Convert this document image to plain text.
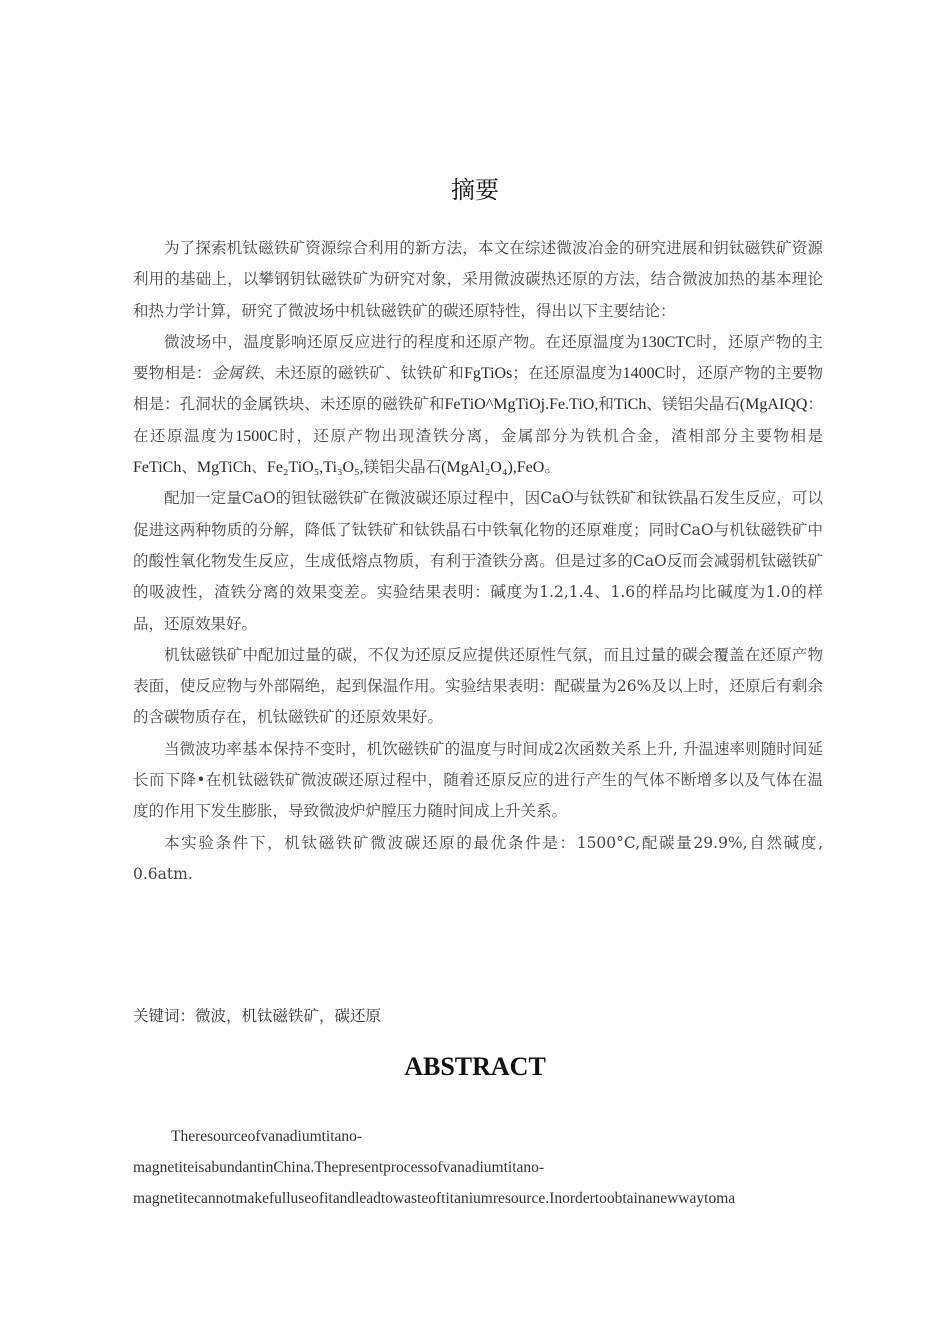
摘要

为了探索机钛磁铁矿资源综合利用的新方法，本文在综述微波冶金的研究进展和钥钛磁铁矿资源利用的基础上，以攀钢钥钛磁铁矿为研究对象，采用微波碳热还原的方法，结合微波加热的基本理论和热力学计算，研究了微波场中机钛磁铁矿的碳还原特性，得出以下主要结论：

微波场中，温度影响还原反应进行的程度和还原产物。在还原温度为130CTC时，还原产物的主要物相是：金属铁、未还原的磁铁矿、钛铁矿和FgTiOs；在还原温度为1400C时，还原产物的主要物相是：孔洞状的金属铁块、未还原的磁铁矿和FeTiO^MgTiOj.Fe.TiO,和TiCh、镁铝尖晶石(MgAIQQ：在还原温度为1500C时，还原产物出现渣铁分离，金属部分为铁机合金，渣相部分主要物相是FeTiCh、MgTiCh、Fe₂TiO₅,Ti₃O₅,镁铝尖晶石(MgAl₂O₄),FeO。

配加一定量CaO的钽钛磁铁矿在微波碳还原过程中，因CaO与钛铁矿和钛铁晶石发生反应，可以促进这两种物质的分解，降低了钛铁矿和钛铁晶石中铁氧化物的还原难度；同时CaO与机钛磁铁矿中的酸性氧化物发生反应，生成低熔点物质，有利于渣铁分离。但是过多的CaO反而会减弱机钛磁铁矿的吸波性，渣铁分离的效果变差。实验结果表明：碱度为1.2,1.4、1.6的样品均比碱度为1.0的样品，还原效果好。

机钛磁铁矿中配加过量的碳，不仅为还原反应提供还原性气氛，而且过量的碳会覆盖在还原产物表面，使反应物与外部隔绝，起到保温作用。实验结果表明：配碳量为26%及以上时，还原后有剩余的含碳物质存在，机钛磁铁矿的还原效果好。

当微波功率基本保持不变时，机饮磁铁矿的温度与时间成2次函数关系上升, 升温速率则随时间延长而下降•在机钛磁铁矿微波碳还原过程中，随着还原反应的进行产生的气体不断增多以及气体在温度的作用下发生膨胀，导致微波炉炉膛压力随时间成上升关系。

本实验条件下，机钛磁铁矿微波碳还原的最优条件是：1500°C,配碳量29.9%,自然碱度, 0.6atm.

关键词：微波，机钛磁铁矿，碳还原
ABSTRACT
Theresourceofvanadiumtitano-
magnetiteisabundantinChina.Thepresentprocessofvanadiumtitano-
magnetitecannotmakefulluseofitandleadtowasteoftitaniumresource.Inordertoobtainanewwaytoma
